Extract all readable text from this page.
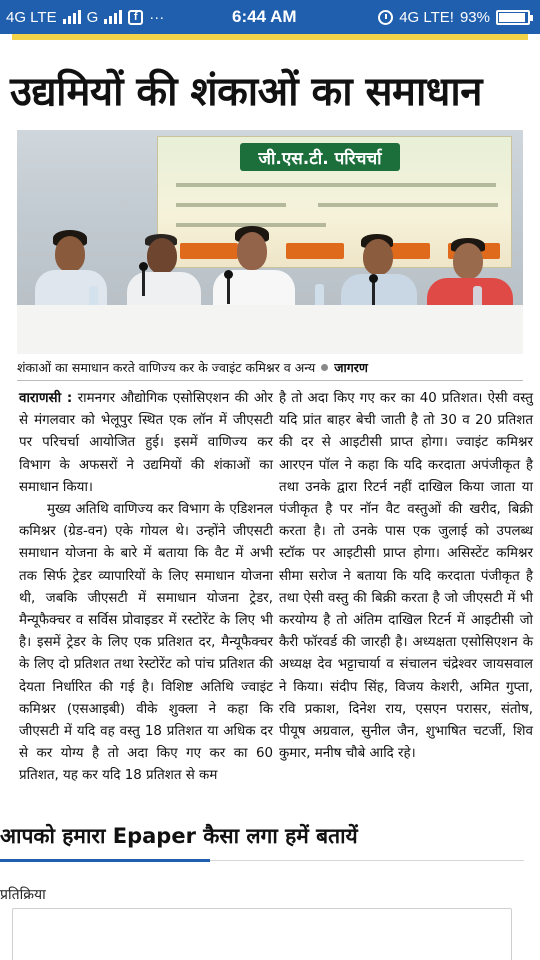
4G LTE G	f ···	6:44 AM	4G LTE! 93%
उद्यमियों की शंकाओं का समाधान
जी.एस.टी. परिचर्चा
शंकाओं का समाधान करते वाणिज्य कर के ज्वाइंट कमिश्नर व अन्य जागरण

वाराणसी : रामनगर औद्योगिक एसोसिएशन की ओर से मंगलवार को भेलूपुर स्थित एक लॉन में जीएसटी पर परिचर्चा आयोजित हुई। इसमें वाणिज्य कर विभाग के अफसरों ने उद्यमियों की शंकाओं का समाधान किया।

मुख्य अतिथि वाणिज्य कर विभाग के एडिशनल कमिश्नर (ग्रेड-वन) एके गोयल थे। उन्होंने जीएसटी समाधान योजना के बारे में बताया कि वैट में अभी तक सिर्फ ट्रेडर व्यापारियों के लिए समाधान योजना थी, जबकि जीएसटी में समाधान योजना ट्रेडर, मैन्यूफैक्चर व सर्विस प्रोवाइडर में रस्टोरेंट के लिए भी है। इसमें ट्रेडर के लिए एक प्रतिशत दर, मैन्यूफैक्चर के लिए दो प्रतिशत तथा रेस्टोरेंट को पांच प्रतिशत की देयता निर्धारित की गई है। विशिष्ट अतिथि ज्वाइंट कमिश्नर (एसआइबी) वीके शुक्ला ने कहा कि जीएसटी में यदि वह वस्तु 18 प्रतिशत या अधिक दर से कर योग्य है तो अदा किए गए कर का 60 प्रतिशत, यह कर यदि 18 प्रतिशत से कम

है तो अदा किए गए कर का 40 प्रतिशत। ऐसी वस्तु यदि प्रांत बाहर बेची जाती है तो 30 व 20 प्रतिशत की दर से आइटीसी प्राप्त होगा। ज्वाइंट कमिश्नर आरएन पॉल ने कहा कि यदि करदाता अपंजीकृत है तथा उनके द्वारा रिटर्न नहीं दाखिल किया जाता या पंजीकृत है पर नॉन वैट वस्तुओं की खरीद, बिक्री करता है। तो उनके पास एक जुलाई को उपलब्ध स्टॉक पर आइटीसी प्राप्त होगा। असिस्टेंट कमिश्नर सीमा सरोज ने बताया कि यदि करदाता पंजीकृत है तथा ऐसी वस्तु की बिक्री करता है जो जीएसटी में भी करयोग्य है तो अंतिम दाखिल रिटर्न में आइटीसी जो कैरी फॉरवर्ड की जारही है। अध्यक्षता एसोसिएशन के अध्यक्ष देव भट्टाचार्या व संचालन चंद्रेश्वर जायसवाल ने किया। संदीप सिंह, विजय केशरी, अमित गुप्ता, रवि प्रकाश, दिनेश राय, एसएन परासर, संतोष, पीयूष अग्रवाल, सुनील जैन, शुभाषित चटर्जी, शिव कुमार, मनीष चौबे आदि रहे।

आपको हमारा Epaper कैसा लगा हमें बतायें
प्रतिक्रिया
